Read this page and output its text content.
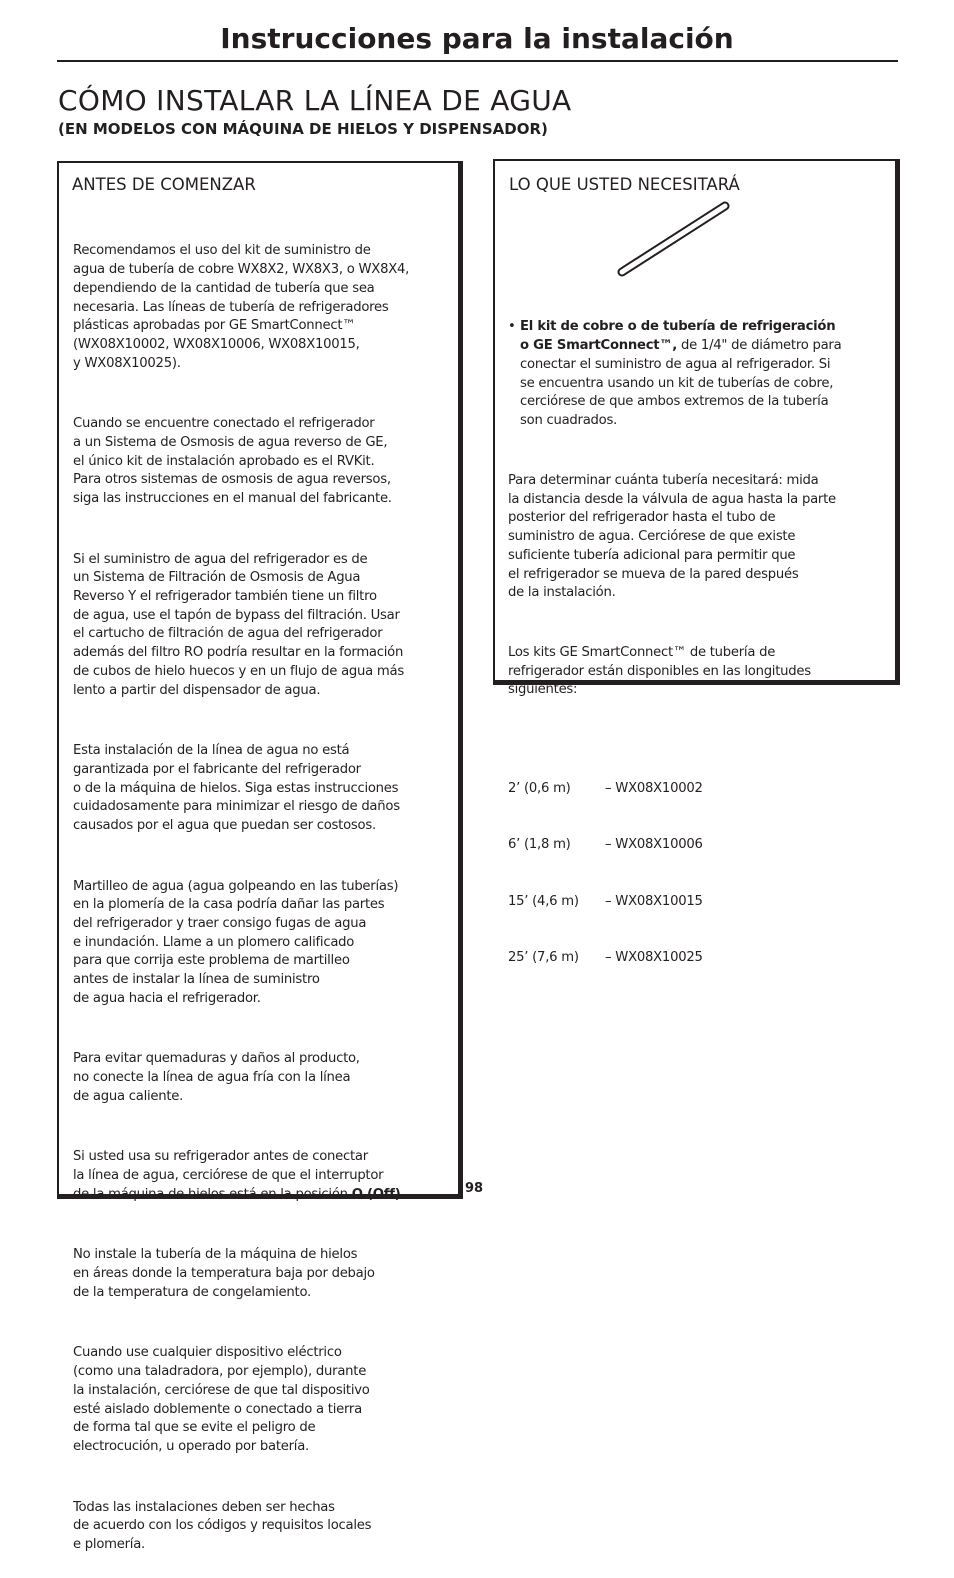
Instrucciones para la instalación
CÓMO INSTALAR LA LÍNEA DE AGUA
(EN MODELOS CON MÁQUINA DE HIELOS Y DISPENSADOR)
ANTES DE COMENZAR

Recomendamos el uso del kit de suministro de
agua de tubería de cobre WX8X2, WX8X3, o WX8X4,
dependiendo de la cantidad de tubería que sea
necesaria. Las líneas de tubería de refrigeradores
plásticas aprobadas por GE SmartConnect™
(WX08X10002, WX08X10006, WX08X10015,
y WX08X10025).

Cuando se encuentre conectado el refrigerador
a un Sistema de Osmosis de agua reverso de GE,
el único kit de instalación aprobado es el RVKit.
Para otros sistemas de osmosis de agua reversos,
siga las instrucciones en el manual del fabricante.

Si el suministro de agua del refrigerador es de
un Sistema de Filtración de Osmosis de Agua
Reverso Y el refrigerador también tiene un filtro
de agua, use el tapón de bypass del filtración. Usar
el cartucho de filtración de agua del refrigerador
además del filtro RO podría resultar en la formación
de cubos de hielo huecos y en un flujo de agua más
lento a partir del dispensador de agua.

Esta instalación de la línea de agua no está
garantizada por el fabricante del refrigerador
o de la máquina de hielos. Siga estas instrucciones
cuidadosamente para minimizar el riesgo de daños
causados por el agua que puedan ser costosos.

Martilleo de agua (agua golpeando en las tuberías)
en la plomería de la casa podría dañar las partes
del refrigerador y traer consigo fugas de agua
e inundación. Llame a un plomero calificado
para que corrija este problema de martilleo
antes de instalar la línea de suministro
de agua hacia el refrigerador.

Para evitar quemaduras y daños al producto,
no conecte la línea de agua fría con la línea
de agua caliente.

Si usted usa su refrigerador antes de conectar
la línea de agua, cerciórese de que el interruptor
de la máquina de hielos está en la posición O (Off).

No instale la tubería de la máquina de hielos
en áreas donde la temperatura baja por debajo
de la temperatura de congelamiento.

Cuando use cualquier dispositivo eléctrico
(como una taladradora, por ejemplo), durante
la instalación, cerciórese de que tal dispositivo
esté aislado doblemente o conectado a tierra
de forma tal que se evite el peligro de
electrocución, u operado por batería.

Todas las instalaciones deben ser hechas
de acuerdo con los códigos y requisitos locales
e plomería.

LO QUE USTED NECESITARÁ

• El kit de cobre o de tubería de refrigeración
o GE SmartConnect™, de 1/4" de diámetro para
conectar el suministro de agua al refrigerador. Si
se encuentra usando un kit de tuberías de cobre,
cerciórese de que ambos extremos de la tubería
son cuadrados.

Para determinar cuánta tubería necesitará: mida
la distancia desde la válvula de agua hasta la parte
posterior del refrigerador hasta el tubo de
suministro de agua. Cerciórese de que existe
suficiente tubería adicional para permitir que
el refrigerador se mueva de la pared después
de la instalación.

Los kits GE SmartConnect™ de tubería de
refrigerador están disponibles en las longitudes
siguientes:

2’ (0,6 m)	– WX08X10002

6’ (1,8 m)	– WX08X10006

15’ (4,6 m)	– WX08X10015

25’ (7,6 m)	– WX08X10025

98
